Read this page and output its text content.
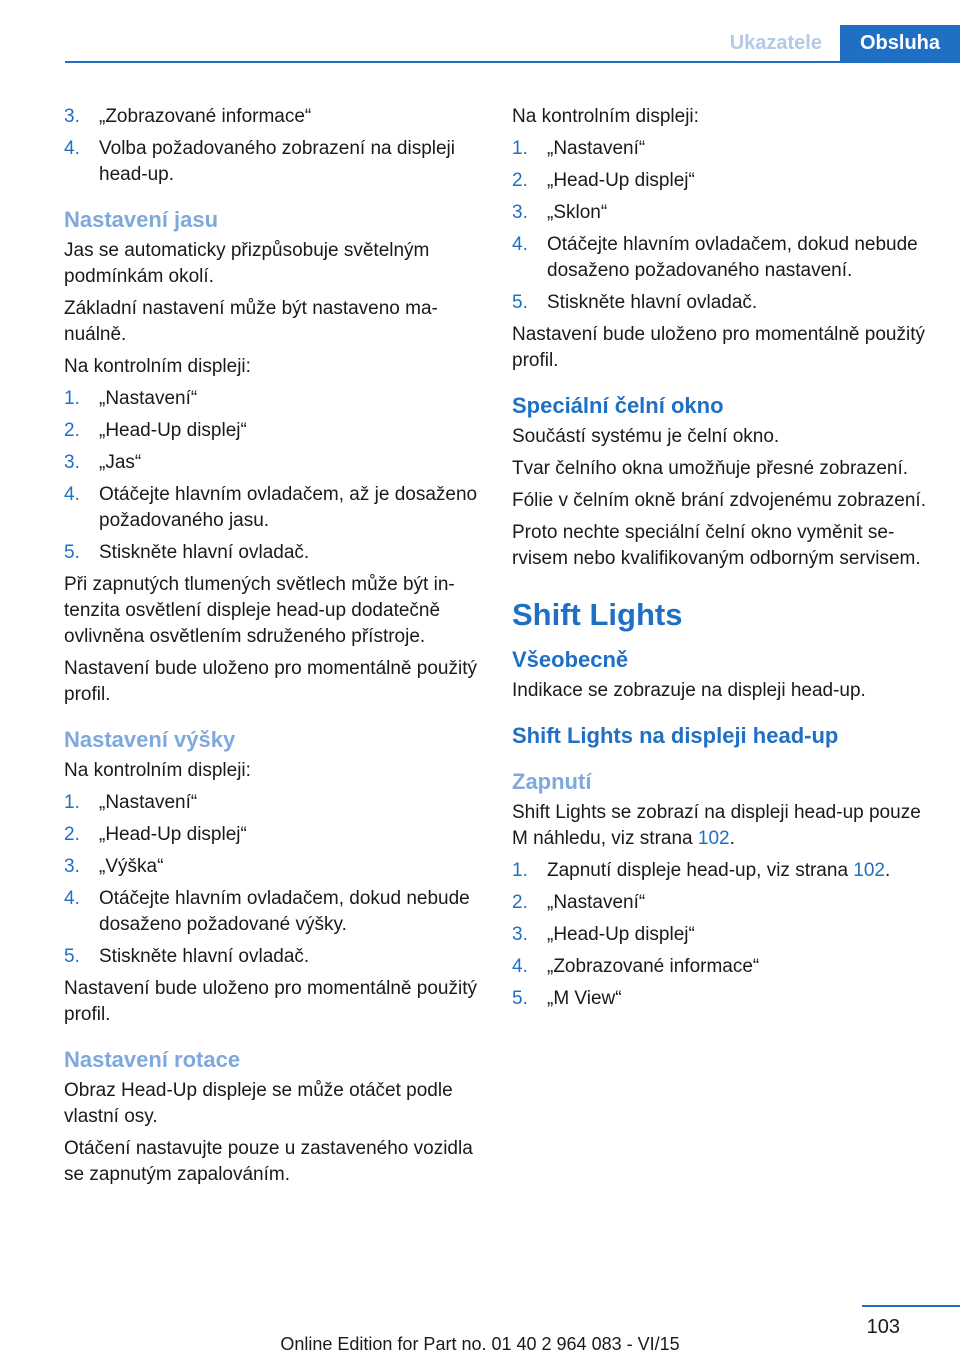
Ukazatele	Obsluha
3. „Zobrazované informace“
4. Volba požadovaného zobrazení na displeji head-up.
Nastavení jasu

Jas se automaticky přizpůsobuje světelným podmínkám okolí.

Základní nastavení může být nastaveno manuálně.

Na kontrolním displeji:

1. „Nastavení“
2. „Head-Up displej“
3. „Jas“
4. Otáčejte hlavním ovladačem, až je dosaženo požadovaného jasu.
5. Stiskněte hlavní ovladač.

Při zapnutých tlumených světlech může být intenzita osvětlení displeje head-up dodatečně ovlivněna osvětlením sdruženého přístroje.

Nastavení bude uloženo pro momentálně použitý profil.

Nastavení výšky

Na kontrolním displeji:

1. „Nastavení“
2. „Head-Up displej“
3. „Výška“
4. Otáčejte hlavním ovladačem, dokud nebude dosaženo požadované výšky.
5. Stiskněte hlavní ovladač.

Nastavení bude uloženo pro momentálně použitý profil.

Nastavení rotace

Obraz Head-Up displeje se může otáčet podle vlastní osy.

Otáčení nastavujte pouze u zastaveného vozidla se zapnutým zapalováním.

Na kontrolním displeji:

1. „Nastavení“
2. „Head-Up displej“
3. „Sklon“
4. Otáčejte hlavním ovladačem, dokud nebude dosaženo požadovaného nastavení.
5. Stiskněte hlavní ovladač.

Nastavení bude uloženo pro momentálně použitý profil.

Speciální čelní okno

Součástí systému je čelní okno.

Tvar čelního okna umožňuje přesné zobrazení.

Fólie v čelním okně brání zdvojenému zobrazení.

Proto nechte speciální čelní okno vyměnit servisem nebo kvalifikovaným odborným servisem.

Shift Lights
Všeobecně

Indikace se zobrazuje na displeji head-up.

Shift Lights na displeji head-up
Zapnutí

Shift Lights se zobrazí na displeji head-up pouze M náhledu, viz strana 102.

1. Zapnutí displeje head-up, viz strana 102.
2. „Nastavení“
3. „Head-Up displej“
4. „Zobrazované informace“
5. „M View“
103
Online Edition for Part no. 01 40 2 964 083 - VI/15
